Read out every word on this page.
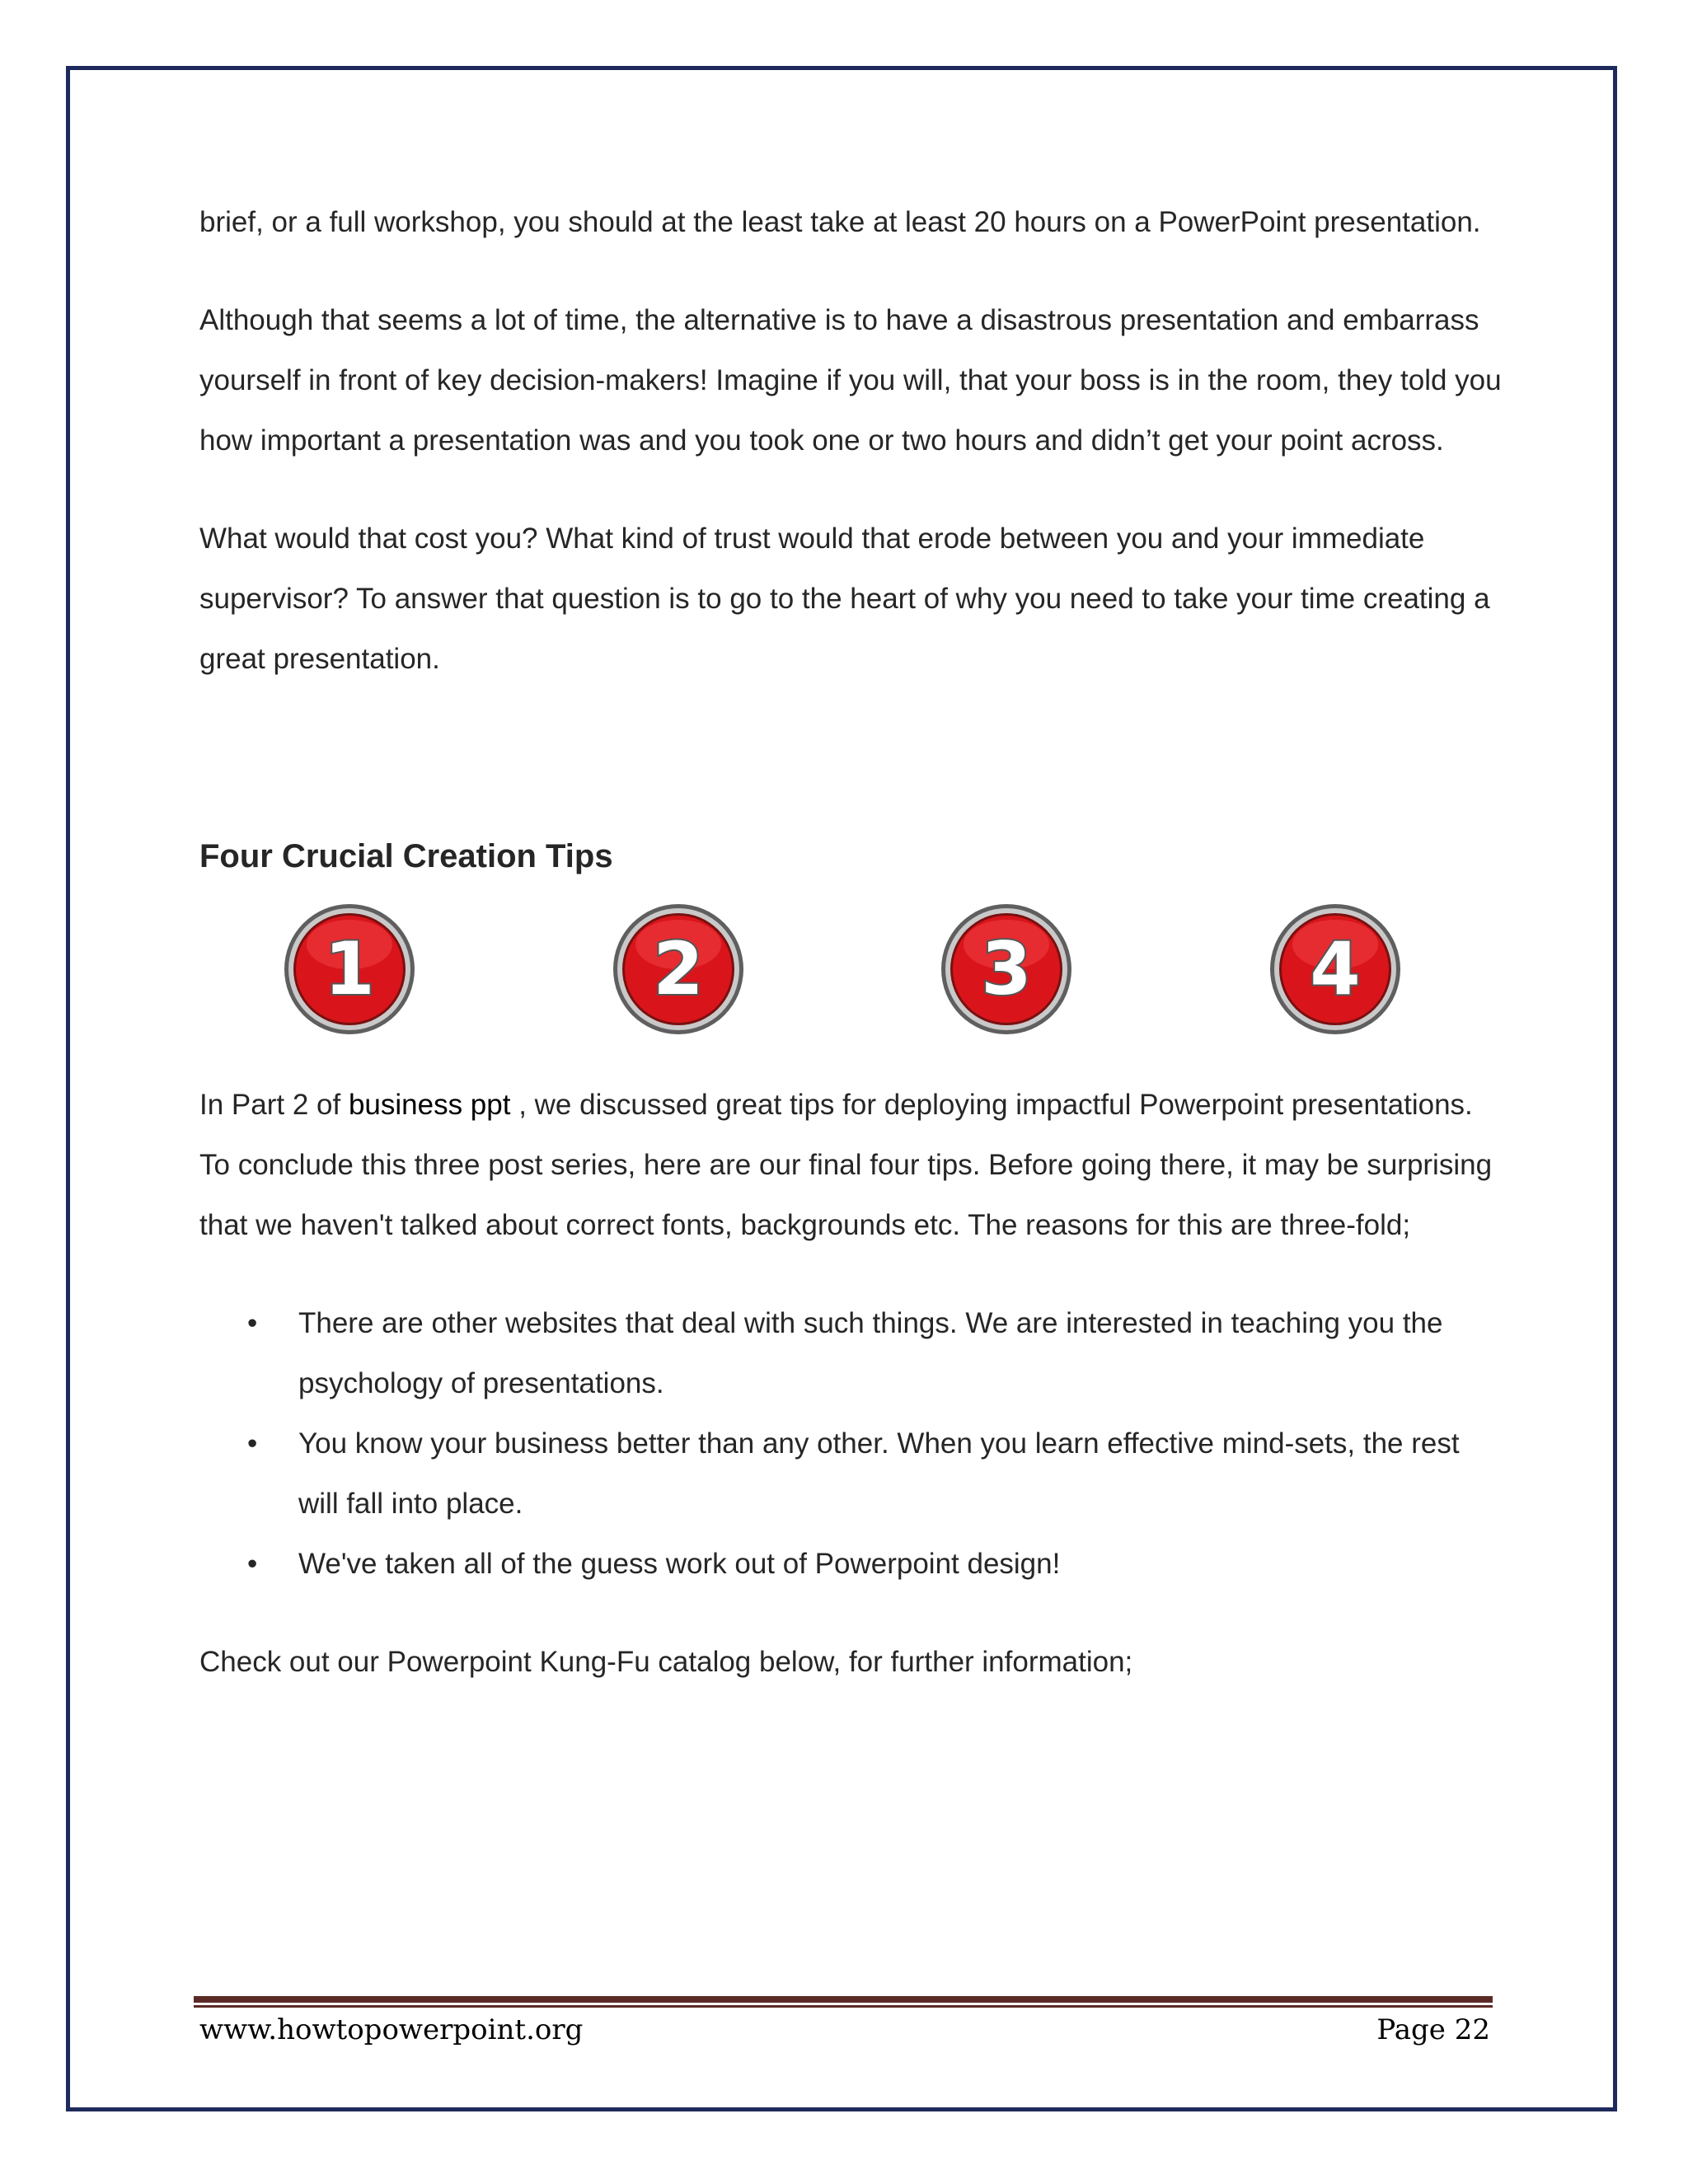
brief, or a full workshop, you should at the least take at least 20 hours on a PowerPoint presentation.

Although that seems a lot of time, the alternative is to have a disastrous presentation and embarrass yourself in front of key decision-makers! Imagine if you will, that your boss is in the room, they told you how important a presentation was and you took one or two hours and didn’t get your point across.

What would that cost you? What kind of trust would that erode between you and your immediate supervisor? To answer that question is to go to the heart of why you need to take your time creating a great presentation.

Four Crucial Creation Tips
1	2	3	4

In Part 2 of business ppt , we discussed great tips for deploying impactful Powerpoint presentations. To conclude this three post series, here are our final four tips. Before going there, it may be surprising that we haven't talked about correct fonts, backgrounds etc. The reasons for this are three-fold;

• There are other websites that deal with such things. We are interested in teaching you the psychology of presentations.
• You know your business better than any other. When you learn effective mind-sets, the rest will fall into place.
• We've taken all of the guess work out of Powerpoint design!

Check out our Powerpoint Kung-Fu catalog below, for further information;

www.howtopowerpoint.org	Page 22
